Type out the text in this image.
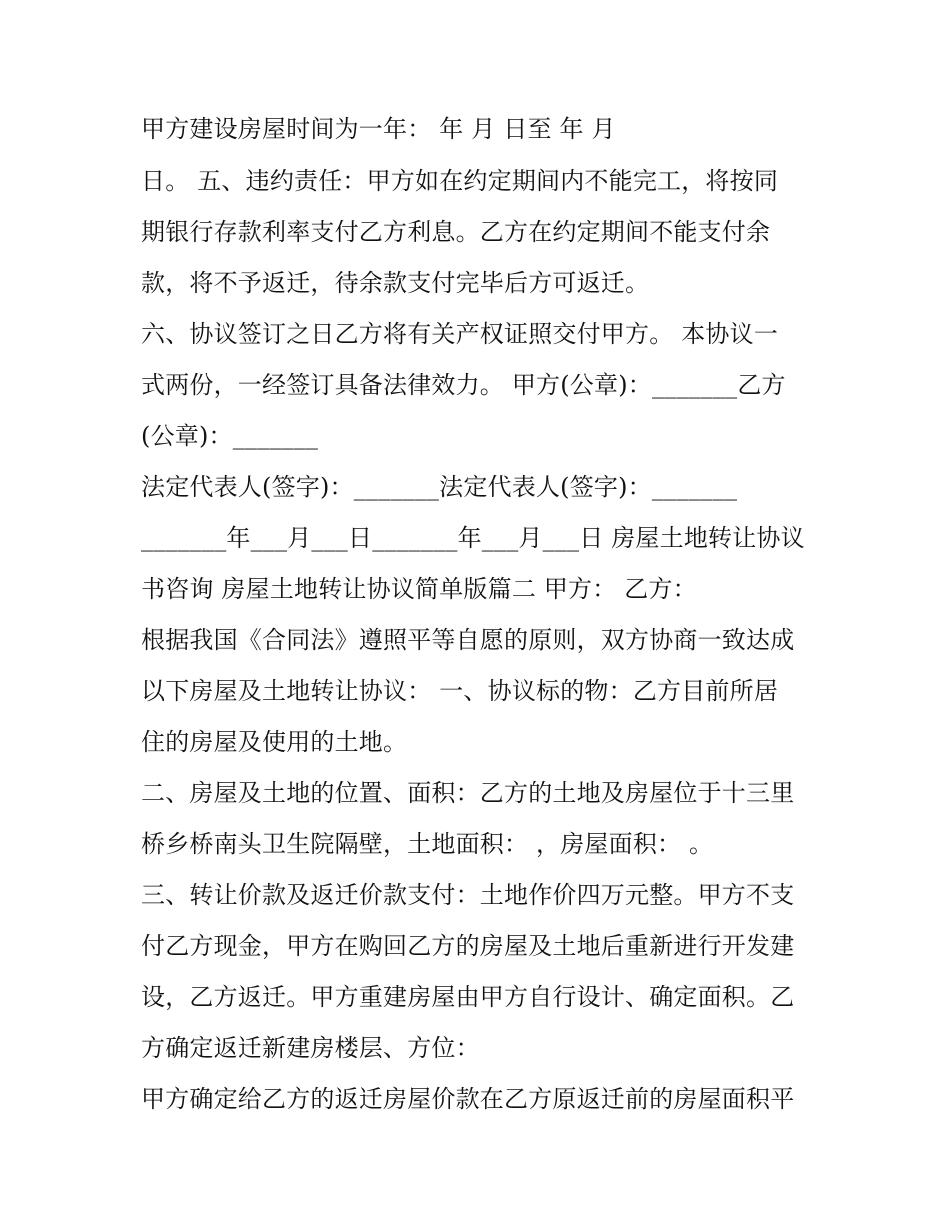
甲方建设房屋时间为一年： 年 月 日至 年 月
日。 五、违约责任：甲方如在约定期间内不能完工，将按同
期银行存款利率支付乙方利息。乙方在约定期间不能支付余
款，将不予返迁，待余款支付完毕后方可返迁。
六、协议签订之日乙方将有关产权证照交付甲方。 本协议一
式两份，一经签订具备法律效力。 甲方(公章)：_______乙方
(公章)：_______
法定代表人(签字)：_______法定代表人(签字)：_______
_______年___月___日_______年___月___日 房屋土地转让协议
书咨询 房屋土地转让协议简单版篇二 甲方： 乙方：
根据我国《合同法》遵照平等自愿的原则，双方协商一致达成
以下房屋及土地转让协议： 一、协议标的物：乙方目前所居
住的房屋及使用的土地。
二、房屋及土地的位置、面积：乙方的土地及房屋位于十三里
桥乡桥南头卫生院隔壁，土地面积： ，房屋面积： 。
三、转让价款及返迁价款支付：土地作价四万元整。甲方不支
付乙方现金，甲方在购回乙方的房屋及土地后重新进行开发建
设，乙方返迁。甲方重建房屋由甲方自行设计、确定面积。乙
方确定返迁新建房楼层、方位：
甲方确定给乙方的返迁房屋价款在乙方原返迁前的房屋面积平
